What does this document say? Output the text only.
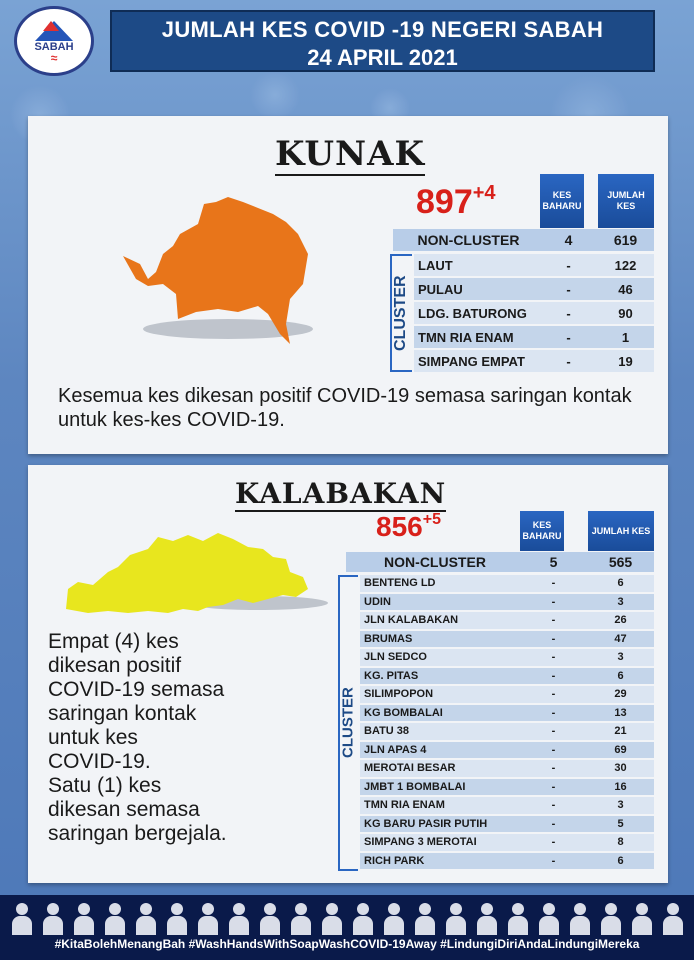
SABAH
≈
JUMLAH KES COVID -19 NEGERI SABAH
24 APRIL 2021
KUNAK
$897^{+4}$	KES BAHARU
JUMLAH KES
NON-CLUSTER	4	619
CLUSTER
LAUT	-	122
PULAU	-	46
LDG. BATURONG	-	90
TMN RIA ENAM	-	1
SIMPANG EMPAT	-	19
Kesemua kes dikesan positif COVID-19 semasa saringan kontak untuk kes-kes COVID-19.
KALABAKAN
$856^{+5}$	KES BAHARU
JUMLAH KES
NON-CLUSTER	5	565
CLUSTER
BENTENG LD	-	6
UDIN	-	3
JLN KALABAKAN	-	26
BRUMAS	-	47
JLN SEDCO	-	3
KG. PITAS	-	6
SILIMPOPON	-	29
KG BOMBALAI	-	13
BATU 38	-	21
JLN APAS 4	-	69
MEROTAI BESAR	-	30
JMBT 1 BOMBALAI	-	16
TMN RIA ENAM	-	3
KG BARU PASIR PUTIH	-	5
SIMPANG 3 MEROTAI	-	8
RICH PARK	-	6
Empat (4) kes
dikesan positif
COVID-19 semasa
saringan kontak
untuk kes
COVID-19.
Satu (1) kes
dikesan semasa
saringan bergejala.
#KitaBolehMenangBah #WashHandsWithSoapWashCOVID-19Away #LindungiDiriAndaLindungiMereka
